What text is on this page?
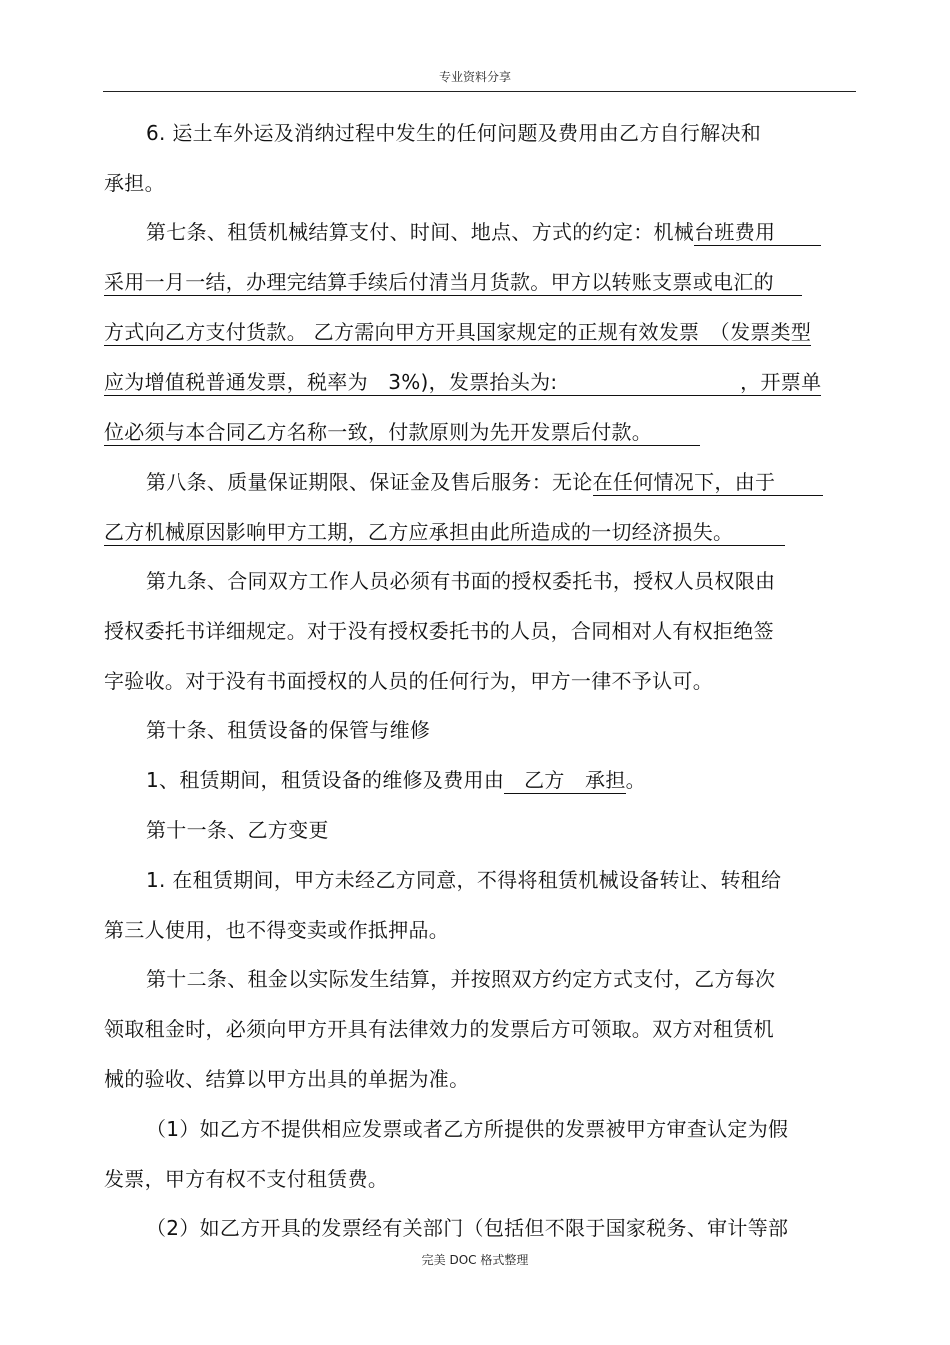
专业资料分享
6. 运土车外运及消纳过程中发生的任何问题及费用由乙方自行解决和
承担。
第七条、租赁机械结算支付、时间、地点、方式的约定：机械台班费用
采用一月一结，办理完结算手续后付清当月货款。甲方以转账支票或电汇的
方式向乙方支付货款。 乙方需向甲方开具国家规定的正规有效发票　（发票类型
应为增值税普通发票，税率为　3%)，发票抬头为:　　　　　　　　　，开票单
位必须与本合同乙方名称一致，付款原则为先开发票后付款。
第八条、质量保证期限、保证金及售后服务：无论在任何情况下，由于
乙方机械原因影响甲方工期，乙方应承担由此所造成的一切经济损失。
第九条、合同双方工作人员必须有书面的授权委托书，授权人员权限由
授权委托书详细规定。对于没有授权委托书的人员，合同相对人有权拒绝签
字验收。对于没有书面授权的人员的任何行为，甲方一律不予认可。
第十条、租赁设备的保管与维修
1、租赁期间，租赁设备的维修及费用由 乙方　承担。
第十一条、乙方变更
1. 在租赁期间，甲方未经乙方同意，不得将租赁机械设备转让、转租给
第三人使用，也不得变卖或作抵押品。
第十二条、租金以实际发生结算，并按照双方约定方式支付，乙方每次
领取租金时，必须向甲方开具有法律效力的发票后方可领取。双方对租赁机
械的验收、结算以甲方出具的单据为准。
（1）如乙方不提供相应发票或者乙方所提供的发票被甲方审查认定为假
发票，甲方有权不支付租赁费。
（2）如乙方开具的发票经有关部门（包括但不限于国家税务、审计等部
完美 DOC 格式整理
